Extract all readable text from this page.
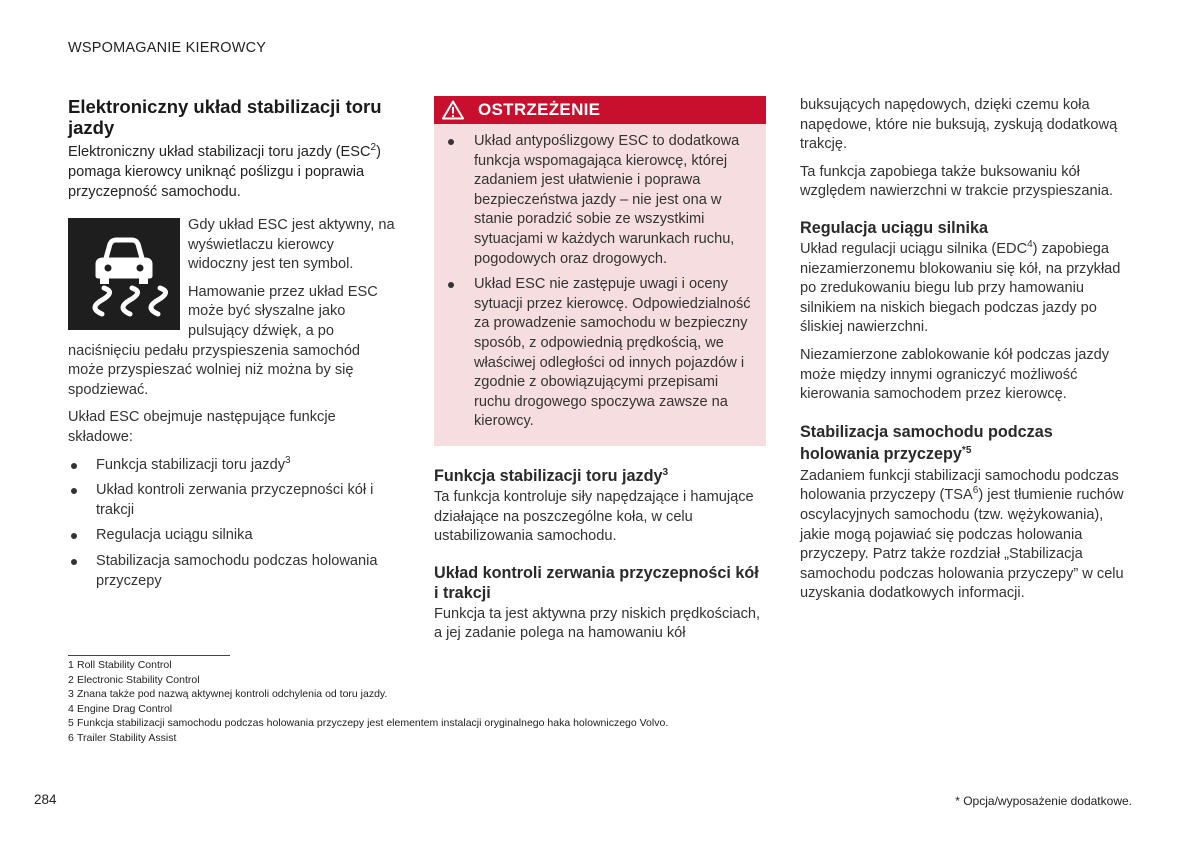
WSPOMAGANIE KIEROWCY
Elektroniczny układ stabilizacji toru jazdy

Elektroniczny układ stabilizacji toru jazdy (ESC$^2$) pomaga kierowcy uniknąć poślizgu i poprawia przyczepność samochodu.

Gdy układ ESC jest aktywny, na wyświetlaczu kierowcy widoczny jest ten symbol.

Hamowanie przez układ ESC może być słyszalne jako pulsujący dźwięk, a po naciśnięciu pedału przyspieszenia samochód może przyspieszać wolniej niż można by się spodziewać.

Układ ESC obejmuje następujące funkcje składowe:

Funkcja stabilizacji toru jazdy$^3$
Układ kontroli zerwania przyczepności kół i trakcji
Regulacja uciągu silnika
Stabilizacja samochodu podczas holowania przyczepy
OSTRZEŻENIE
Układ antypoślizgowy ESC to dodatkowa funkcja wspomagająca kierowcę, której zadaniem jest ułatwienie i poprawa bezpieczeństwa jazdy – nie jest ona w stanie poradzić sobie ze wszystkimi sytuacjami w każdych warunkach ruchu, pogodowych oraz drogowych.
Układ ESC nie zastępuje uwagi i oceny sytuacji przez kierowcę. Odpowiedzialność za prowadzenie samochodu w bezpieczny sposób, z odpowiednią prędkością, we właściwej odległości od innych pojazdów i zgodnie z obowiązującymi przepisami ruchu drogowego spoczywa zawsze na kierowcy.
Funkcja stabilizacji toru jazdy$^3$

Ta funkcja kontroluje siły napędzające i hamujące działające na poszczególne koła, w celu ustabilizowania samochodu.

Układ kontroli zerwania przyczepności kół i trakcji

Funkcja ta jest aktywna przy niskich prędkościach, a jej zadanie polega na hamowaniu kół

buksujących napędowych, dzięki czemu koła napędowe, które nie buksują, zyskują dodatkową trakcję.

Ta funkcja zapobiega także buksowaniu kół względem nawierzchni w trakcie przyspieszania.

Regulacja uciągu silnika

Układ regulacji uciągu silnika (EDC$^4$) zapobiega niezamierzonemu blokowaniu się kół, na przykład po zredukowaniu biegu lub przy hamowaniu silnikiem na niskich biegach podczas jazdy po śliskiej nawierzchni.

Niezamierzone zablokowanie kół podczas jazdy może między innymi ograniczyć możliwość kierowania samochodem przez kierowcę.

Stabilizacja samochodu podczas holowania przyczepy$^{*5}$

Zadaniem funkcji stabilizacji samochodu podczas holowania przyczepy (TSA$^6$) jest tłumienie ruchów oscylacyjnych samochodu (tzw. wężykowania), jakie mogą pojawiać się podczas holowania przyczepy. Patrz także rozdział „Stabilizacja samochodu podczas holowania przyczepy” w celu uzyskania dodatkowych informacji.

1 Roll Stability Control
2 Electronic Stability Control
3 Znana także pod nazwą aktywnej kontroli odchylenia od toru jazdy.
4 Engine Drag Control
5 Funkcja stabilizacji samochodu podczas holowania przyczepy jest elementem instalacji oryginalnego haka holowniczego Volvo.
6 Trailer Stability Assist
284	* Opcja/wyposażenie dodatkowe.
